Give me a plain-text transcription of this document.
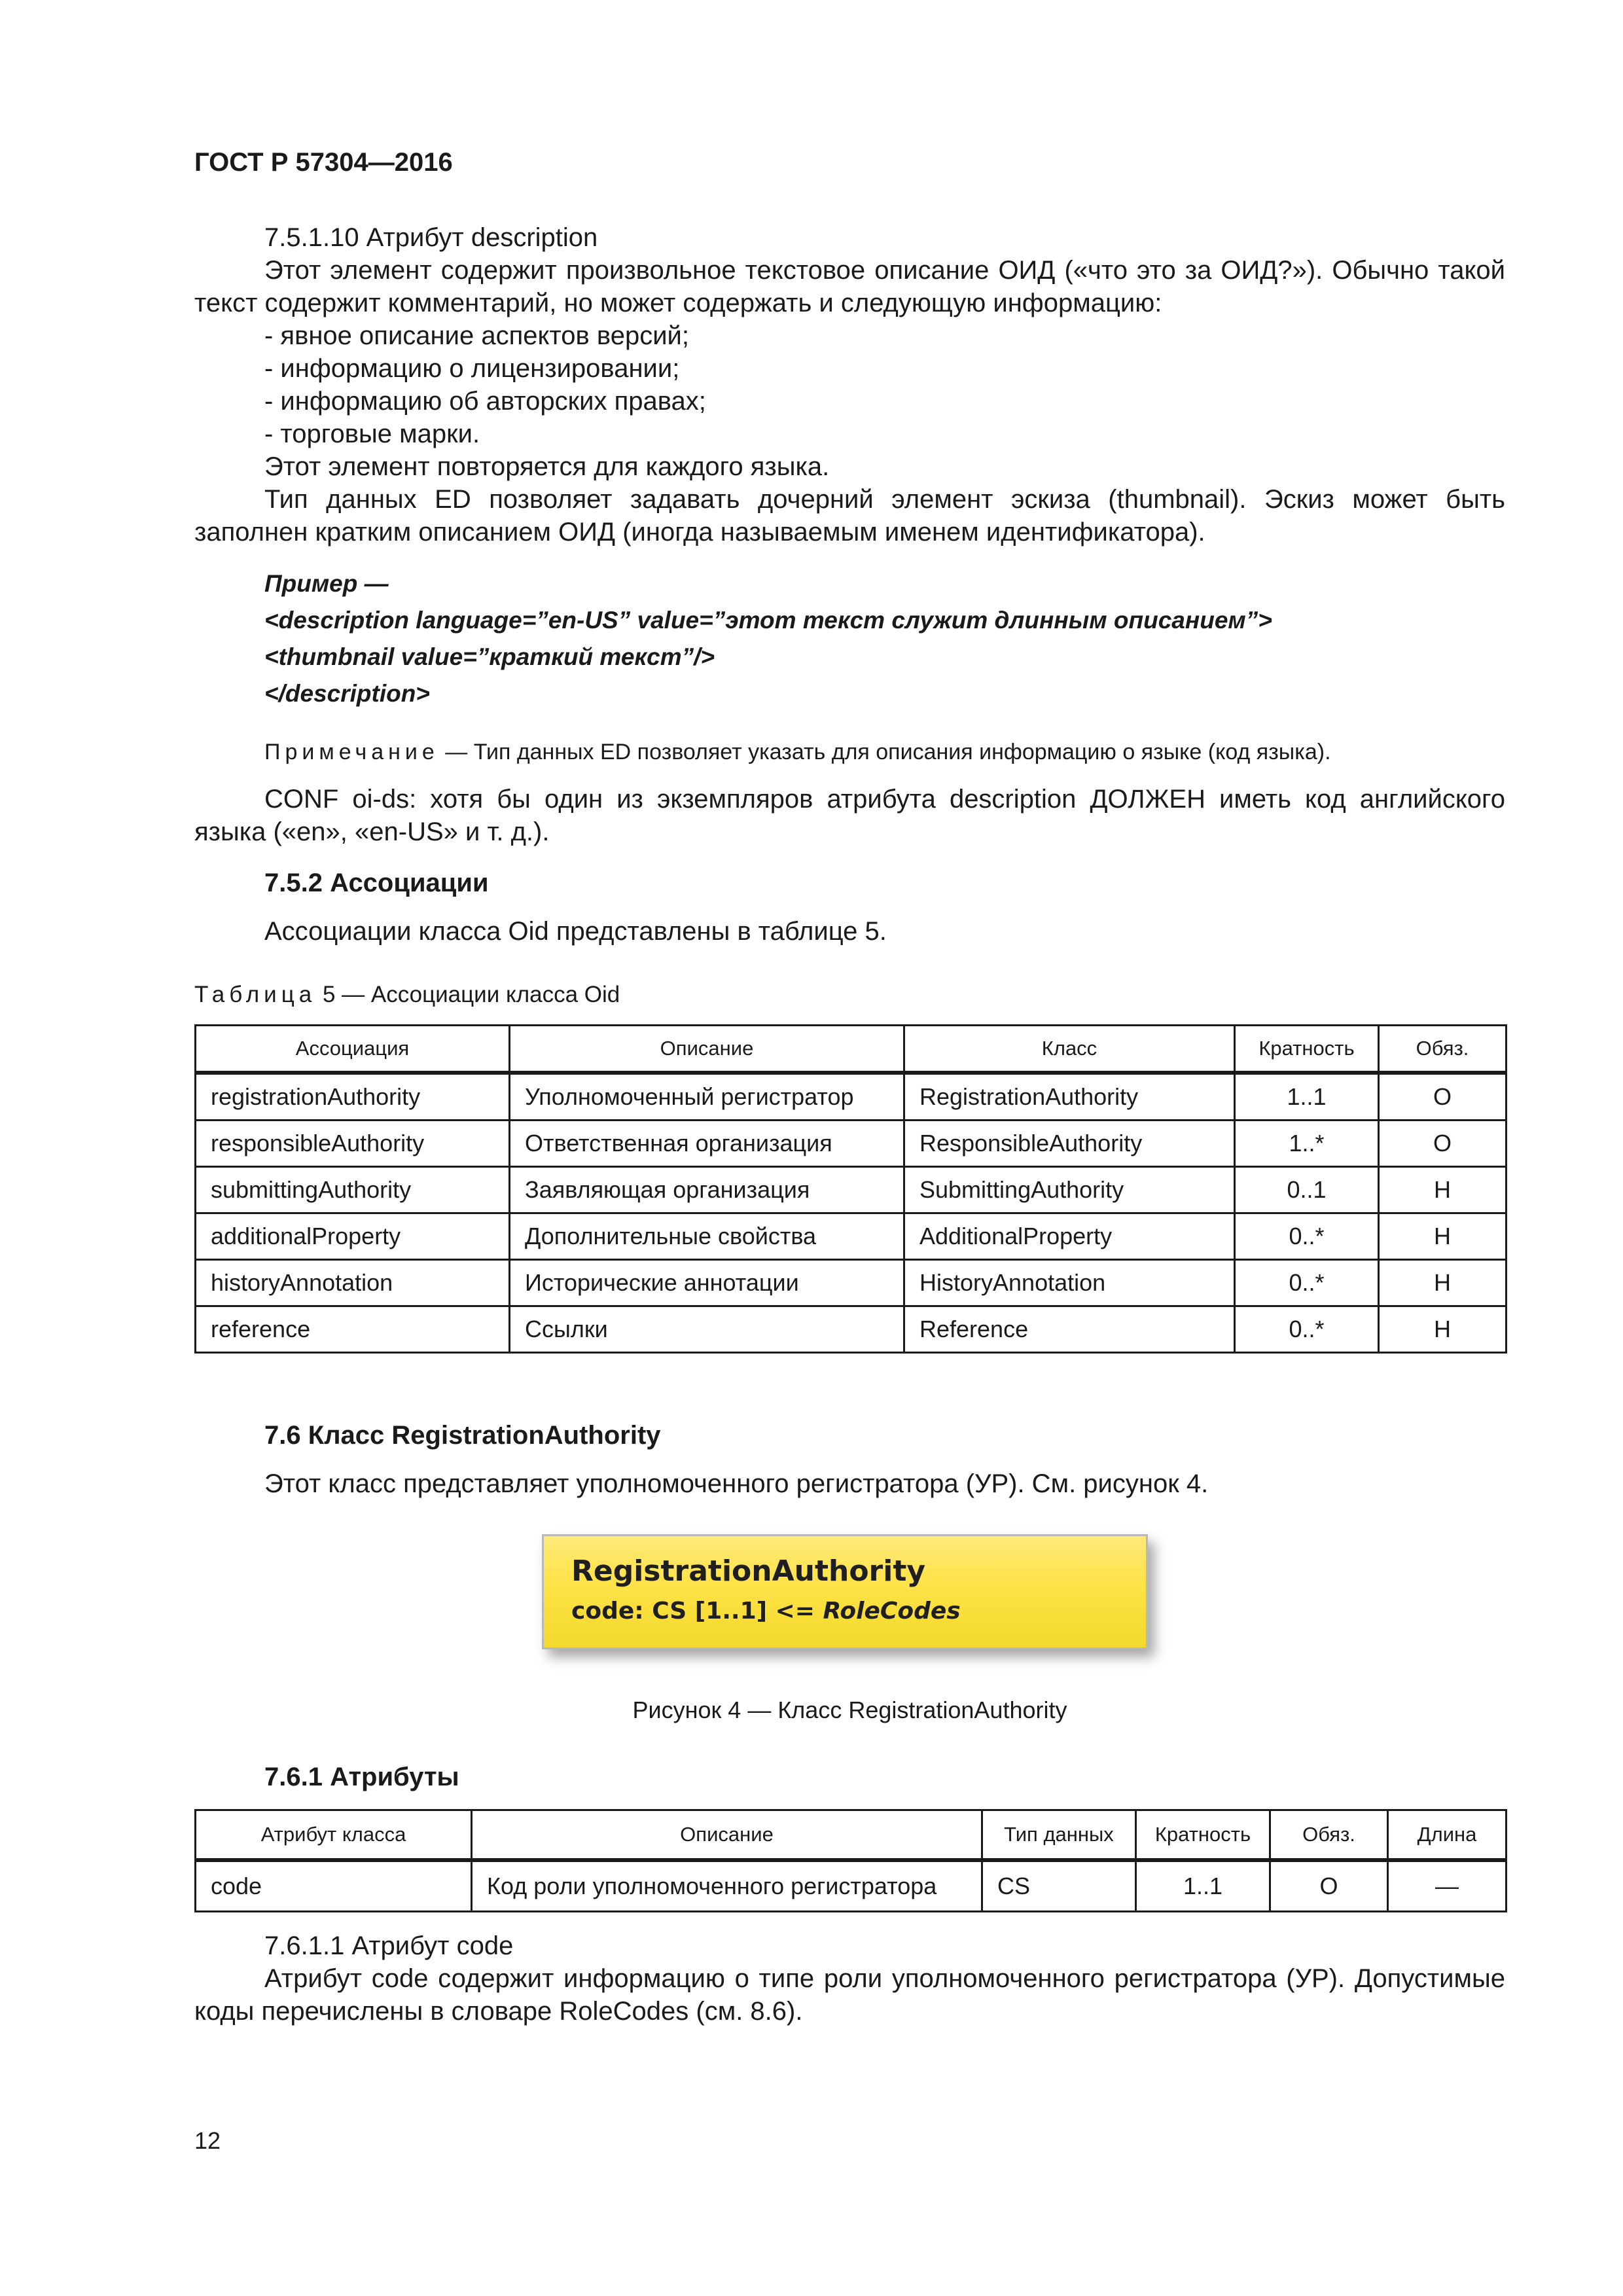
ГОСТ Р 57304—2016
7.5.1.10 Атрибут description
Этот элемент содержит произвольное текстовое описание ОИД («что это за ОИД?»). Обычно такой текст содержит комментарий, но может содержать и следующую информацию:
- явное описание аспектов версий;
- информацию о лицензировании;
- информацию об авторских правах;
- торговые марки.
Этот элемент повторяется для каждого языка.
Тип данных ED позволяет задавать дочерний элемент эскиза (thumbnail). Эскиз может быть заполнен кратким описанием ОИД (иногда называемым именем идентификатора).
Пример —
<description language=”en-US” value=”этот текст служит длинным описанием”>
<thumbnail value=”краткий текст”/>
</description>
Примечание — Тип данных ED позволяет указать для описания информацию о языке (код языка).
CONF oi-ds: хотя бы один из экземпляров атрибута description ДОЛЖЕН иметь код английского языка («en», «en-US» и т. д.).
7.5.2 Ассоциации
Ассоциации класса Oid представлены в таблице 5.
Таблица 5 — Ассоциации класса Oid
Ассоциация	Описание	Класс	Кратность	Обяз.
registrationAuthority	Уполномоченный регистратор	RegistrationAuthority	1..1	О
responsibleAuthority	Ответственная организация	ResponsibleAuthority	1..*	О
submittingAuthority	Заявляющая организация	SubmittingAuthority	0..1	Н
additionalProperty	Дополнительные свойства	AdditionalProperty	0..*	Н
historyAnnotation	Исторические аннотации	HistoryAnnotation	0..*	Н
reference	Ссылки	Reference	0..*	Н
7.6 Класс RegistrationAuthority
Этот класс представляет уполномоченного регистратора (УР). См. рисунок 4.
RegistrationAuthority
code: CS [1..1] <= RoleCodes
Рисунок 4 — Класс RegistrationAuthority
7.6.1 Атрибуты
Атрибут класса	Описание	Тип данных	Кратность	Обяз.	Длина
code	Код роли уполномоченного регистратора	CS	1..1	О	—
7.6.1.1 Атрибут code
Атрибут code содержит информацию о типе роли уполномоченного регистратора (УР). Допустимые коды перечислены в словаре RoleCodes (см. 8.6).
12
